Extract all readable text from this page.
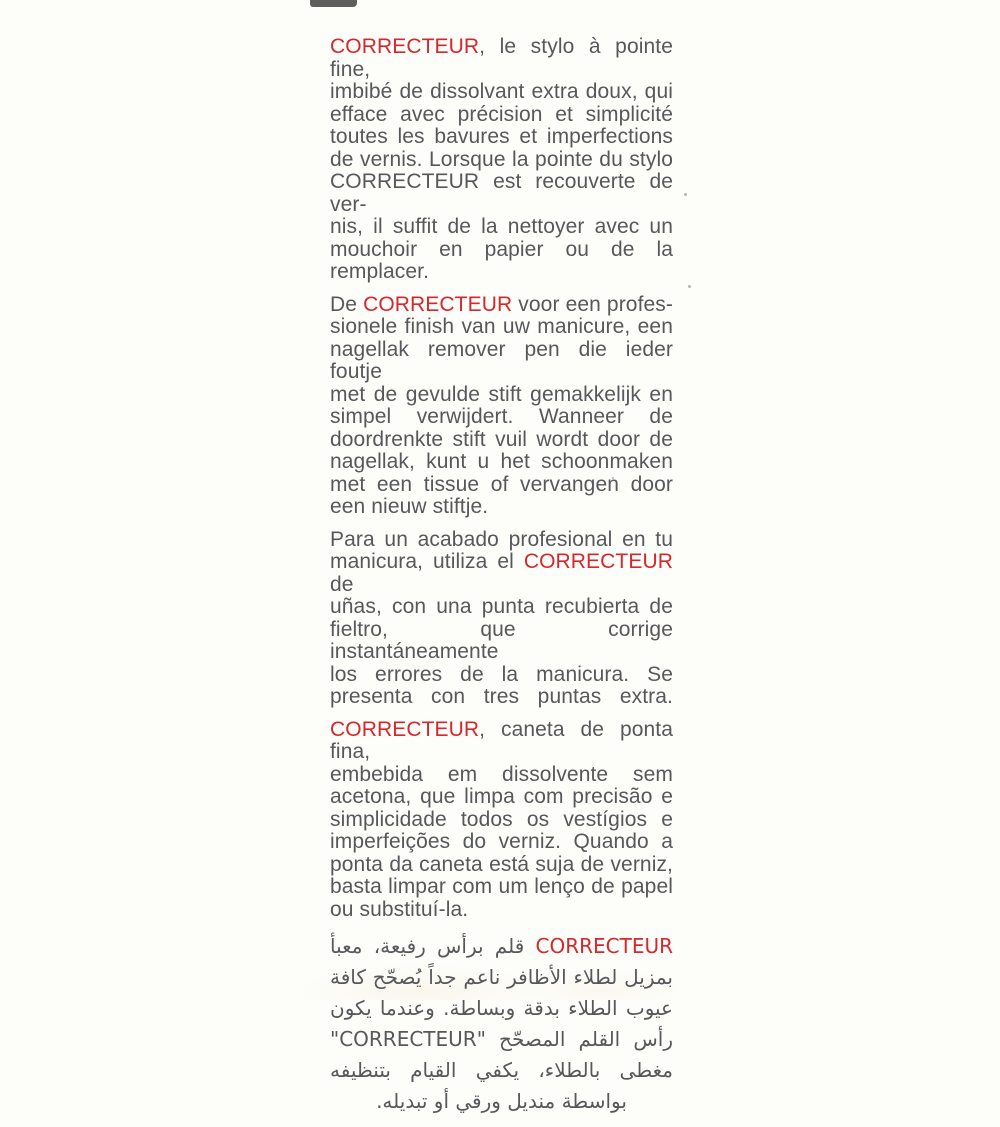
CORRECTEUR, le stylo à pointe fine,
imbibé de dissolvant extra doux, qui
efface avec précision et simplicité
toutes les bavures et imperfections
de vernis. Lorsque la pointe du stylo
CORRECTEUR est recouverte de ver-
nis, il suffit de la nettoyer avec un
mouchoir en papier ou de la remplacer.

De CORRECTEUR voor een profes-
sionele finish van uw manicure, een
nagellak remover pen die ieder foutje
met de gevulde stift gemakkelijk en
simpel verwijdert. Wanneer de
doordrenkte stift vuil wordt door de
nagellak, kunt u het schoonmaken
met een tissue of vervangen door
een nieuw stiftje.

Para un acabado profesional en tu
manicura, utiliza el CORRECTEUR de
uñas, con una punta recubierta de
fieltro, que corrige instantáneamente
los errores de la manicura. Se
presenta con tres puntas extra.

CORRECTEUR, caneta de ponta fina,
embebida em dissolvente sem
acetona, que limpa com precisão e
simplicidade todos os vestígios e
imperfeições do verniz. Quando a
ponta da caneta está suja de verniz,
basta limpar com um lenço de papel
ou substituí-la.

CORRECTEUR قلم برأس رفيعة، معبأ
بمزيل لطلاء الأظافر ناعم جداً يُصحّح كافة
عيوب الطلاء بدقة وبساطة. وعندما يكون
رأس القلم المصحّح "CORRECTEUR"
مغطى بالطلاء، يكفي القيام بتنظيفه
بواسطة منديل ورقي أو تبديله.
